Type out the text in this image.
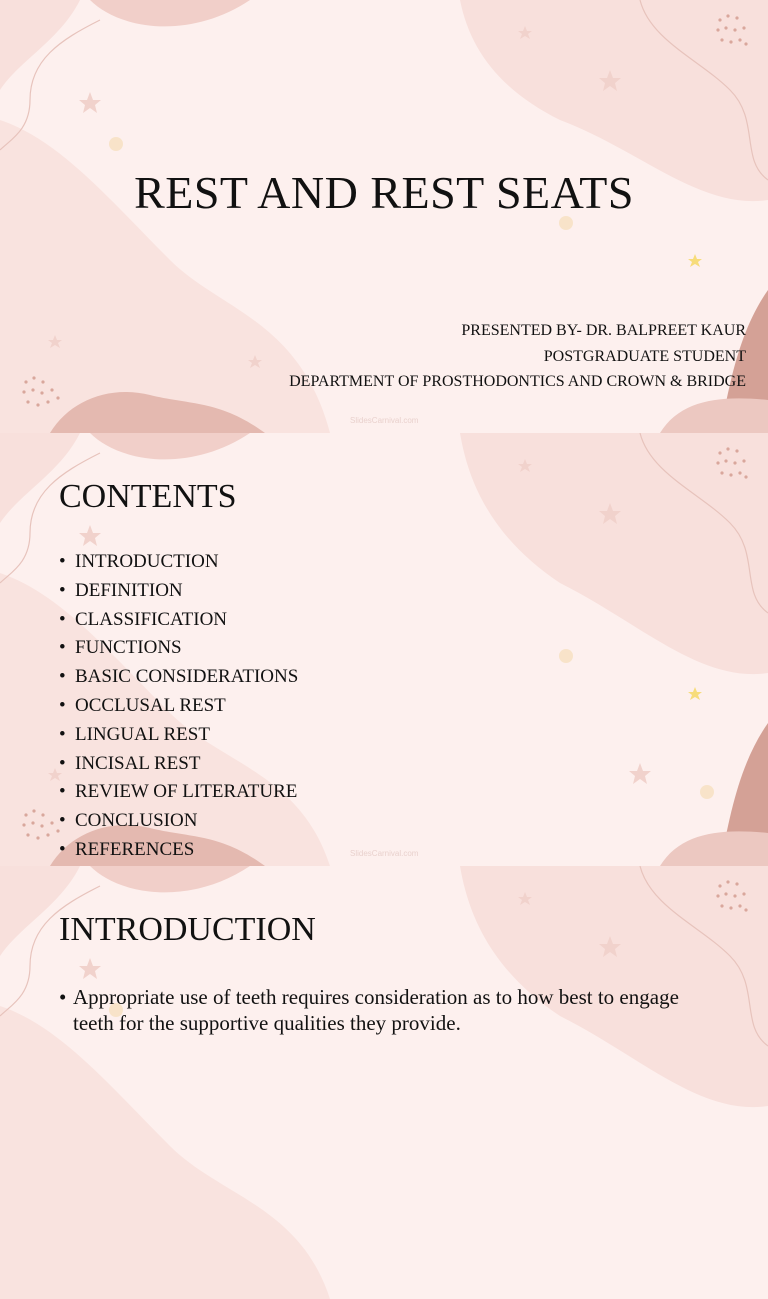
REST AND REST SEATS
PRESENTED BY- DR. BALPREET KAUR
POSTGRADUATE STUDENT
DEPARTMENT OF PROSTHODONTICS AND CROWN & BRIDGE
SlidesCarnival.com
CONTENTS
• INTRODUCTION
• DEFINITION
• CLASSIFICATION
• FUNCTIONS
• BASIC CONSIDERATIONS
• OCCLUSAL REST
• LINGUAL REST
• INCISAL REST
• REVIEW OF LITERATURE
• CONCLUSION
• REFERENCES	SlidesCarnival.com
INTRODUCTION
• Appropriate use of teeth requires consideration as to how best to engage teeth for the supportive qualities they provide.
